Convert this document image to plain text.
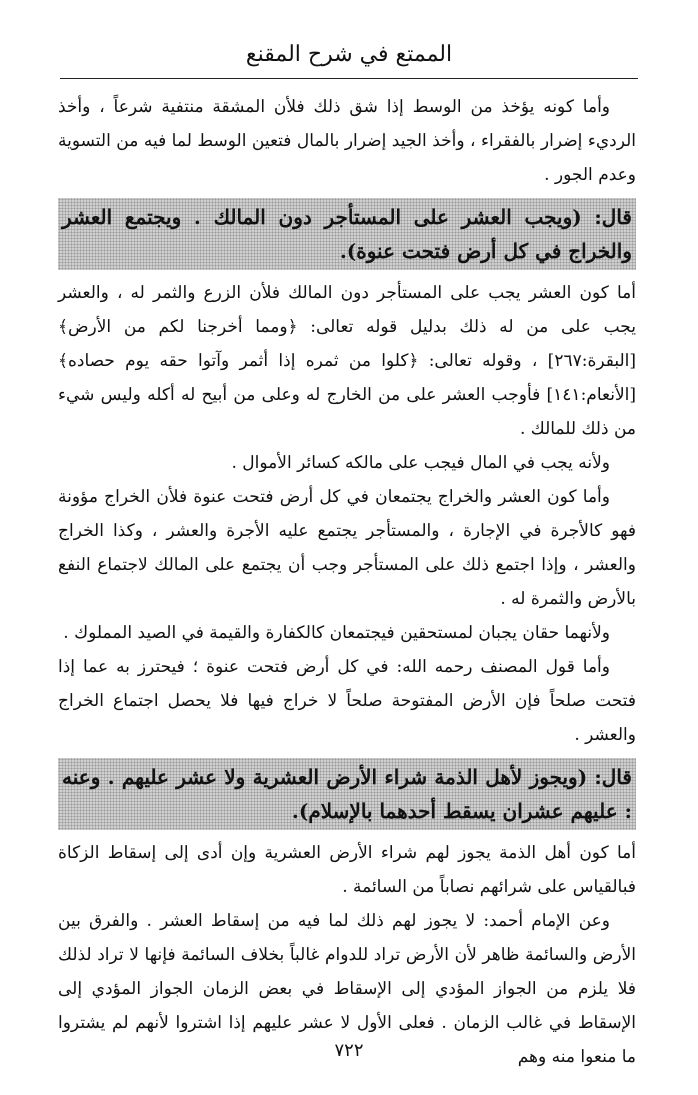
الممتع في شرح المقنع

وأما كونه يؤخذ من الوسط إذا شق ذلك فلأن المشقة منتفية شرعاً ، وأخذ الرديء إضرار بالفقراء ، وأخذ الجيد إضرار بالمال فتعين الوسط لما فيه من التسوية وعدم الجور .

قال: (ويجب العشر على المستأجر دون المالك . ويجتمع العشر والخراج في كل أرض فتحت عنوة).

أما كون العشر يجب على المستأجر دون المالك فلأن الزرع والثمر له ، والعشر يجب على من له ذلك بدليل قوله تعالى: ﴿ومما أخرجنا لكم من الأرض﴾[البقرة:٢٦٧] ، وقوله تعالى: ﴿كلوا من ثمره إذا أثمر وآتوا حقه يوم حصاده﴾[الأنعام:١٤١] فأوجب العشر على من الخارج له وعلى من أبيح له أكله وليس شيء من ذلك للمالك .

ولأنه يجب في المال فيجب على مالكه كسائر الأموال .

وأما كون العشر والخراج يجتمعان في كل أرض فتحت عنوة فلأن الخراج مؤونة فهو كالأجرة في الإجارة ، والمستأجر يجتمع عليه الأجرة والعشر ، وكذا الخراج والعشر ، وإذا اجتمع ذلك على المستأجر وجب أن يجتمع على المالك لاجتماع النفع بالأرض والثمرة له .

ولأنهما حقان يجبان لمستحقين فيجتمعان كالكفارة والقيمة في الصيد المملوك .

وأما قول المصنف رحمه الله: في كل أرض فتحت عنوة ؛ فيحترز به عما إذا فتحت صلحاً فإن الأرض المفتوحة صلحاً لا خراج فيها فلا يحصل اجتماع الخراج والعشر .

قال: (ويجوز لأهل الذمة شراء الأرض العشرية ولا عشر عليهم . وعنه : عليهم عشران يسقط أحدهما بالإسلام).

أما كون أهل الذمة يجوز لهم شراء الأرض العشرية وإن أدى إلى إسقاط الزكاة فبالقياس على شرائهم نصاباً من السائمة .

وعن الإمام أحمد: لا يجوز لهم ذلك لما فيه من إسقاط العشر . والفرق بين الأرض والسائمة ظاهر لأن الأرض تراد للدوام غالباً بخلاف السائمة فإنها لا تراد لذلك فلا يلزم من الجواز المؤدي إلى الإسقاط في بعض الزمان الجواز المؤدي إلى الإسقاط في غالب الزمان . فعلى الأول لا عشر عليهم إذا اشتروا لأنهم لم يشتروا ما منعوا منه وهم

٧٢٢
